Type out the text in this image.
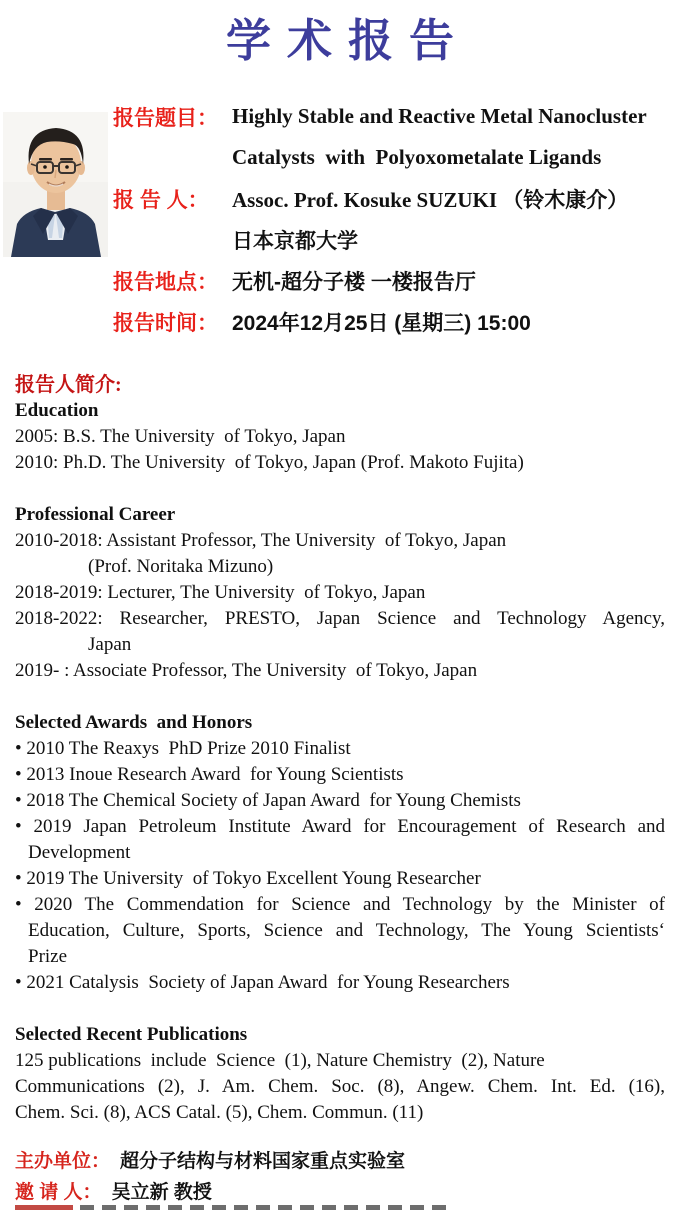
学术报告
报告题目： Highly Stable and Reactive Metal Nanocluster
Catalysts  with  Polyoxometalate Ligands
报 告 人：	Assoc. Prof. Kosuke SUZUKI （铃木康介）
日本京都大学
报告地点： 无机-超分子楼 一楼报告厅
报告时间： 2024年12月25日 (星期三) 15:00
报告人简介:
Education
2005: B.S. The University  of Tokyo, Japan
2010: Ph.D. The University  of Tokyo, Japan (Prof. Makoto Fujita)
Professional Career
2010-2018: Assistant Professor, The University  of Tokyo, Japan
(Prof. Noritaka Mizuno)
2018-2019: Lecturer, The University  of Tokyo, Japan
2018-2022: Researcher, PRESTO, Japan Science and Technology Agency,
Japan
2019- : Associate Professor, The University  of Tokyo, Japan
Selected Awards  and Honors
• 2010 The Reaxys  PhD Prize 2010 Finalist
• 2013 Inoue Research Award  for Young Scientists
• 2018 The Chemical Society of Japan Award  for Young Chemists
• 2019 Japan Petroleum Institute Award for Encouragement of Research and
Development
• 2019 The University  of Tokyo Excellent Young Researcher
• 2020 The Commendation for Science and Technology by the Minister of
Education, Culture, Sports, Science and Technology, The Young Scientists‘
Prize
• 2021 Catalysis  Society of Japan Award  for Young Researchers
Selected Recent Publications
125 publications  include  Science  (1), Nature Chemistry  (2), Nature
Communications (2), J. Am. Chem. Soc. (8), Angew. Chem. Int. Ed. (16),
Chem. Sci. (8), ACS Catal. (5), Chem. Commun. (11)
主办单位： 超分子结构与材料国家重点实验室
邀 请 人： 吴立新 教授
